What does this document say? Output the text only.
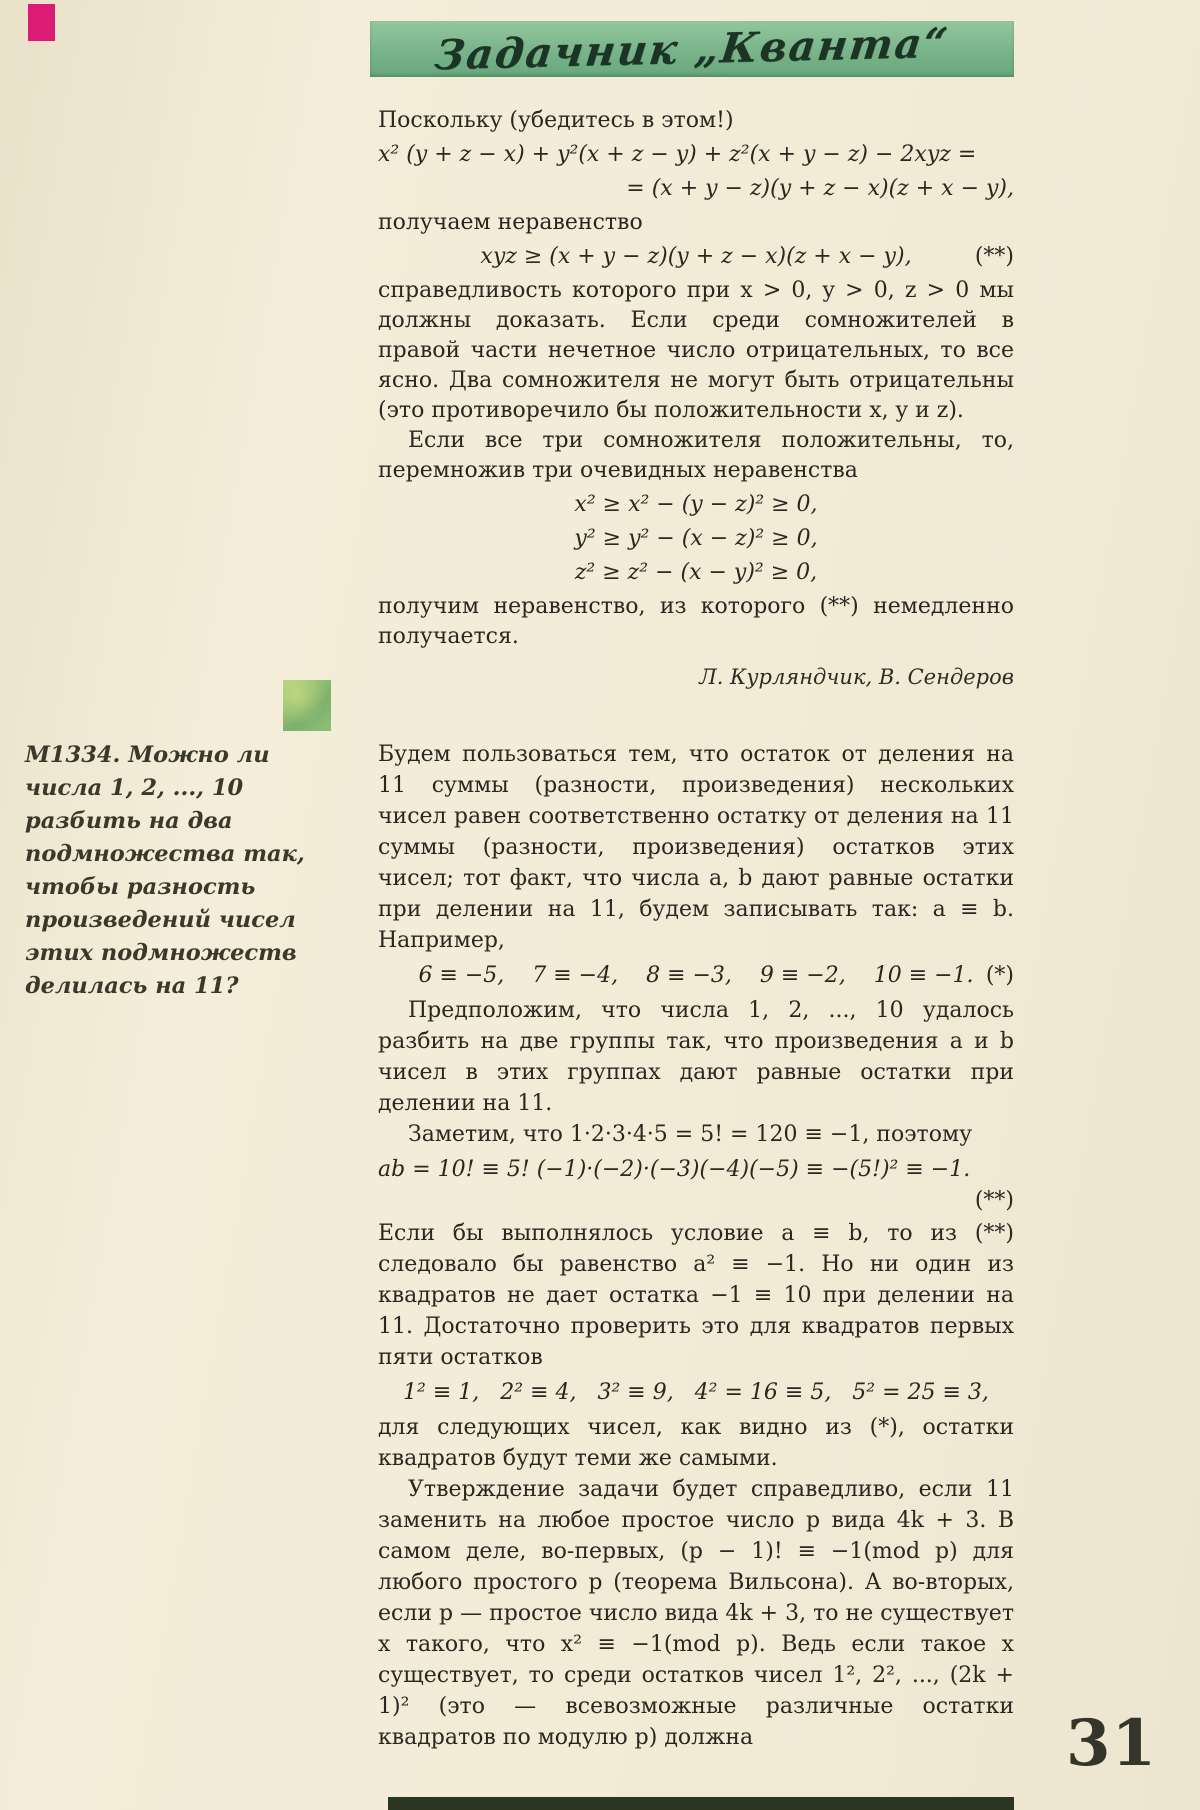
Задачник „Кванта“

Поскольку (убедитесь в этом!)

x² (y + z − x) + y²(x + z − y) + z²(x + y − z) − 2xyz =
= (x + y − z)(y + z − x)(z + x − y),

получаем неравенство

xyz ≥ (x + y − z)(y + z − x)(z + x − y),	(**)

справедливость которого при x > 0, y > 0, z > 0 мы должны доказать. Если среди сомножителей в правой части нечетное число отрицательных, то все ясно. Два сомножителя не могут быть отрицательны (это противоречило бы положительности x, y и z).

Если все три сомножителя положительны, то, перемножив три очевидных неравенства

x² ≥ x² − (y − z)² ≥ 0,
y² ≥ y² − (x − z)² ≥ 0,
z² ≥ z² − (x − y)² ≥ 0,

получим неравенство, из которого (**) немедленно получается.

Л. Курляндчик, В. Сендеров

М1334. Можно ли числа 1, 2, ..., 10 разбить на два подмножества так, чтобы разность произведений чисел этих подмножеств делилась на 11?

Будем пользоваться тем, что остаток от деления на 11 суммы (разности, произведения) нескольких чисел равен соответственно остатку от деления на 11 суммы (разности, произведения) остатков этих чисел; тот факт, что числа a, b дают равные остатки при делении на 11, будем записывать так: a ≡ b. Например,

6 ≡ −5,    7 ≡ −4,    8 ≡ −3,    9 ≡ −2,    10 ≡ −1. (*)

Предположим, что числа 1, 2, ..., 10 удалось разбить на две группы так, что произведения a и b чисел в этих группах дают равные остатки при делении на 11.

Заметим, что 1·2·3·4·5 = 5! = 120 ≡ −1, поэтому

ab = 10! ≡ 5! (−1)·(−2)·(−3)(−4)(−5) ≡ −(5!)² ≡ −1.
(**)

Если бы выполнялось условие a ≡ b, то из (**) следовало бы равенство a² ≡ −1. Но ни один из квадратов не дает остатка −1 ≡ 10 при делении на 11. Достаточно проверить это для квадратов первых пяти остатков

1² ≡ 1,   2² ≡ 4,   3² ≡ 9,   4² = 16 ≡ 5,   5² = 25 ≡ 3,

для следующих чисел, как видно из (*), остатки квадратов будут теми же самыми.

Утверждение задачи будет справедливо, если 11 заменить на любое простое число p вида 4k + 3. В самом деле, во-первых, (p − 1)! ≡ −1(mod p) для любого простого p (теорема Вильсона). А во-вторых, если p — простое число вида 4k + 3, то не существует x такого, что x² ≡ −1(mod p). Ведь если такое x существует, то среди остатков чисел 1², 2², ..., (2k + 1)² (это — всевозможные различные остатки квадратов по модулю p) должна	31
